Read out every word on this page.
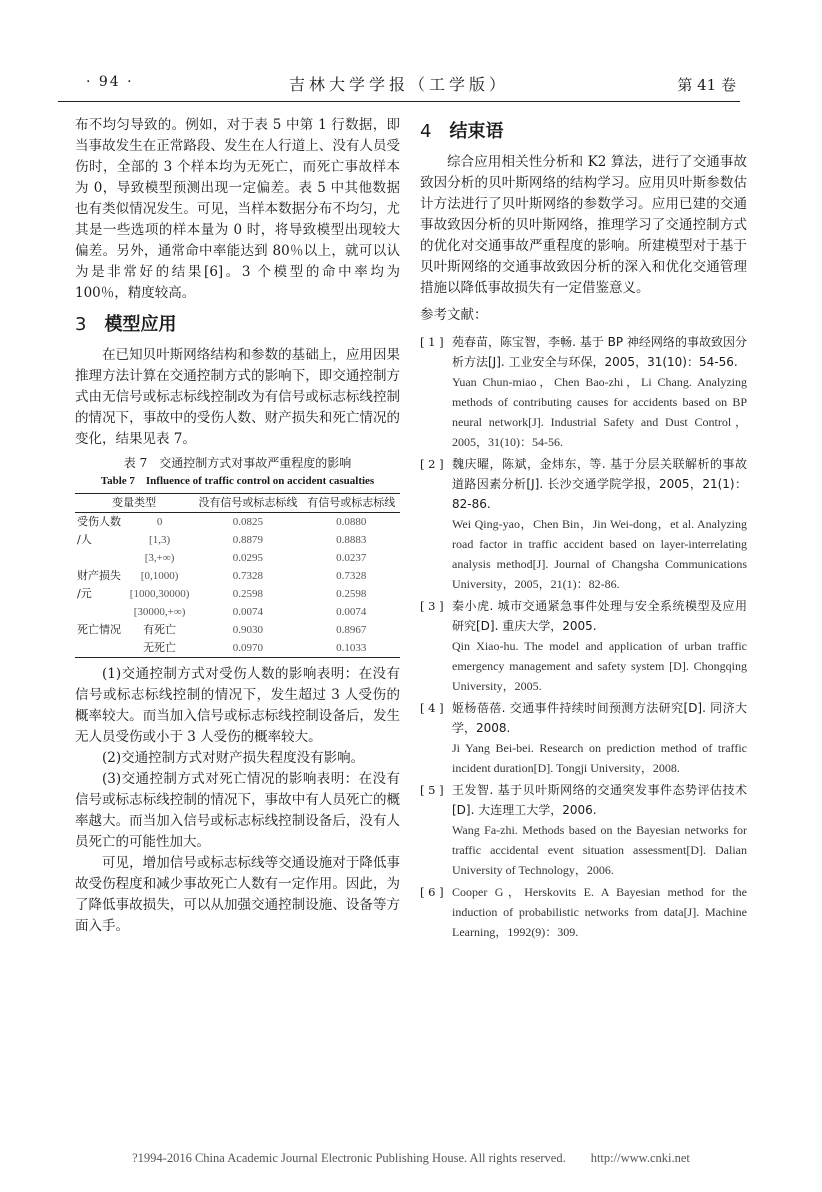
· 94 ·	吉林大学学报（工学版）	第 41 卷

布不均匀导致的。例如，对于表 5 中第 1 行数据，即当事故发生在正常路段、发生在人行道上、没有人员受伤时，全部的 3 个样本均为无死亡，而死亡事故样本为 0，导致模型预测出现一定偏差。表 5 中其他数据也有类似情况发生。可见，当样本数据分布不均匀，尤其是一些选项的样本量为 0 时，将导致模型出现较大偏差。另外，通常命中率能达到 80％以上，就可以认为是非常好的结果[6]。3 个模型的命中率均为 100％，精度较高。

3 模型应用

在已知贝叶斯网络结构和参数的基础上，应用因果推理方法计算在交通控制方式的影响下，即交通控制方式由无信号或标志标线控制改为有信号或标志标线控制的情况下，事故中的受伤人数、财产损失和死亡情况的变化，结果见表 7。

表 7　交通控制方式对事故严重程度的影响
Table 7　Influence of traffic control on accident casualties
变量类型		没有信号或标志标线	有信号或标志标线
受伤人数	0	0.0825	0.0880
/人	[1,3)	0.8879	0.8883
	[3,+∞)	0.0295	0.0237
财产损失	[0,1000)	0.7328	0.7328
/元	[1000,30000)	0.2598	0.2598
	[30000,+∞)	0.0074	0.0074
死亡情况	有死亡	0.9030	0.8967
	无死亡	0.0970	0.1033

(1)交通控制方式对受伤人数的影响表明：在没有信号或标志标线控制的情况下，发生超过 3 人受伤的概率较大。而当加入信号或标志标线控制设备后，发生无人员受伤或小于 3 人受伤的概率较大。

(2)交通控制方式对财产损失程度没有影响。

(3)交通控制方式对死亡情况的影响表明：在没有信号或标志标线控制的情况下，事故中有人员死亡的概率越大。而当加入信号或标志标线控制设备后，没有人员死亡的可能性加大。

可见，增加信号或标志标线等交通设施对于降低事故受伤程度和减少事故死亡人数有一定作用。因此，为了降低事故损失，可以从加强交通控制设施、设备等方面入手。

4 结束语

综合应用相关性分析和 K2 算法，进行了交通事故致因分析的贝叶斯网络的结构学习。应用贝叶斯参数估计方法进行了贝叶斯网络的参数学习。应用已建的交通事故致因分析的贝叶斯网络，推理学习了交通控制方式的优化对交通事故严重程度的影响。所建模型对于基于贝叶斯网络的交通事故致因分析的深入和优化交通管理措施以降低事故损失有一定借鉴意义。

参考文献：
[ 1 ] 苑春苗，陈宝智，李畅. 基于 BP 神经网络的事故致因分析方法[J]. 工业安全与环保，2005，31(10)：54-56.
Yuan Chun-miao，Chen Bao-zhi，Li Chang. Analyzing methods of contributing causes for accidents based on BP neural network[J]. Industrial Safety and Dust Control，2005，31(10)：54-56.
[ 2 ] 魏庆曜，陈斌，金炜东，等. 基于分层关联解析的事故道路因素分析[J]. 长沙交通学院学报，2005，21(1)：82-86.
Wei Qing-yao，Chen Bin，Jin Wei-dong，et al. Analyzing road factor in traffic accident based on layer-interrelating analysis method[J]. Journal of Changsha Communications University，2005，21(1)：82-86.
[ 3 ] 秦小虎. 城市交通紧急事件处理与安全系统模型及应用研究[D]. 重庆大学，2005.
Qin Xiao-hu. The model and application of urban traffic emergency management and safety system [D]. Chongqing University，2005.
[ 4 ] 姬杨蓓蓓. 交通事件持续时间预测方法研究[D]. 同济大学，2008.
Ji Yang Bei-bei. Research on prediction method of traffic incident duration[D]. Tongji University，2008.
[ 5 ] 王发智. 基于贝叶斯网络的交通突发事件态势评估技术[D]. 大连理工大学，2006.
Wang Fa-zhi. Methods based on the Bayesian networks for traffic accidental event situation assessment[D]. Dalian University of Technology，2006.
[ 6 ] Cooper G，Herskovits E. A Bayesian method for the induction of probabilistic networks from data[J]. Machine Learning，1992(9)：309.
?1994-2016 China Academic Journal Electronic Publishing House. All rights reserved.　　http://www.cnki.net
